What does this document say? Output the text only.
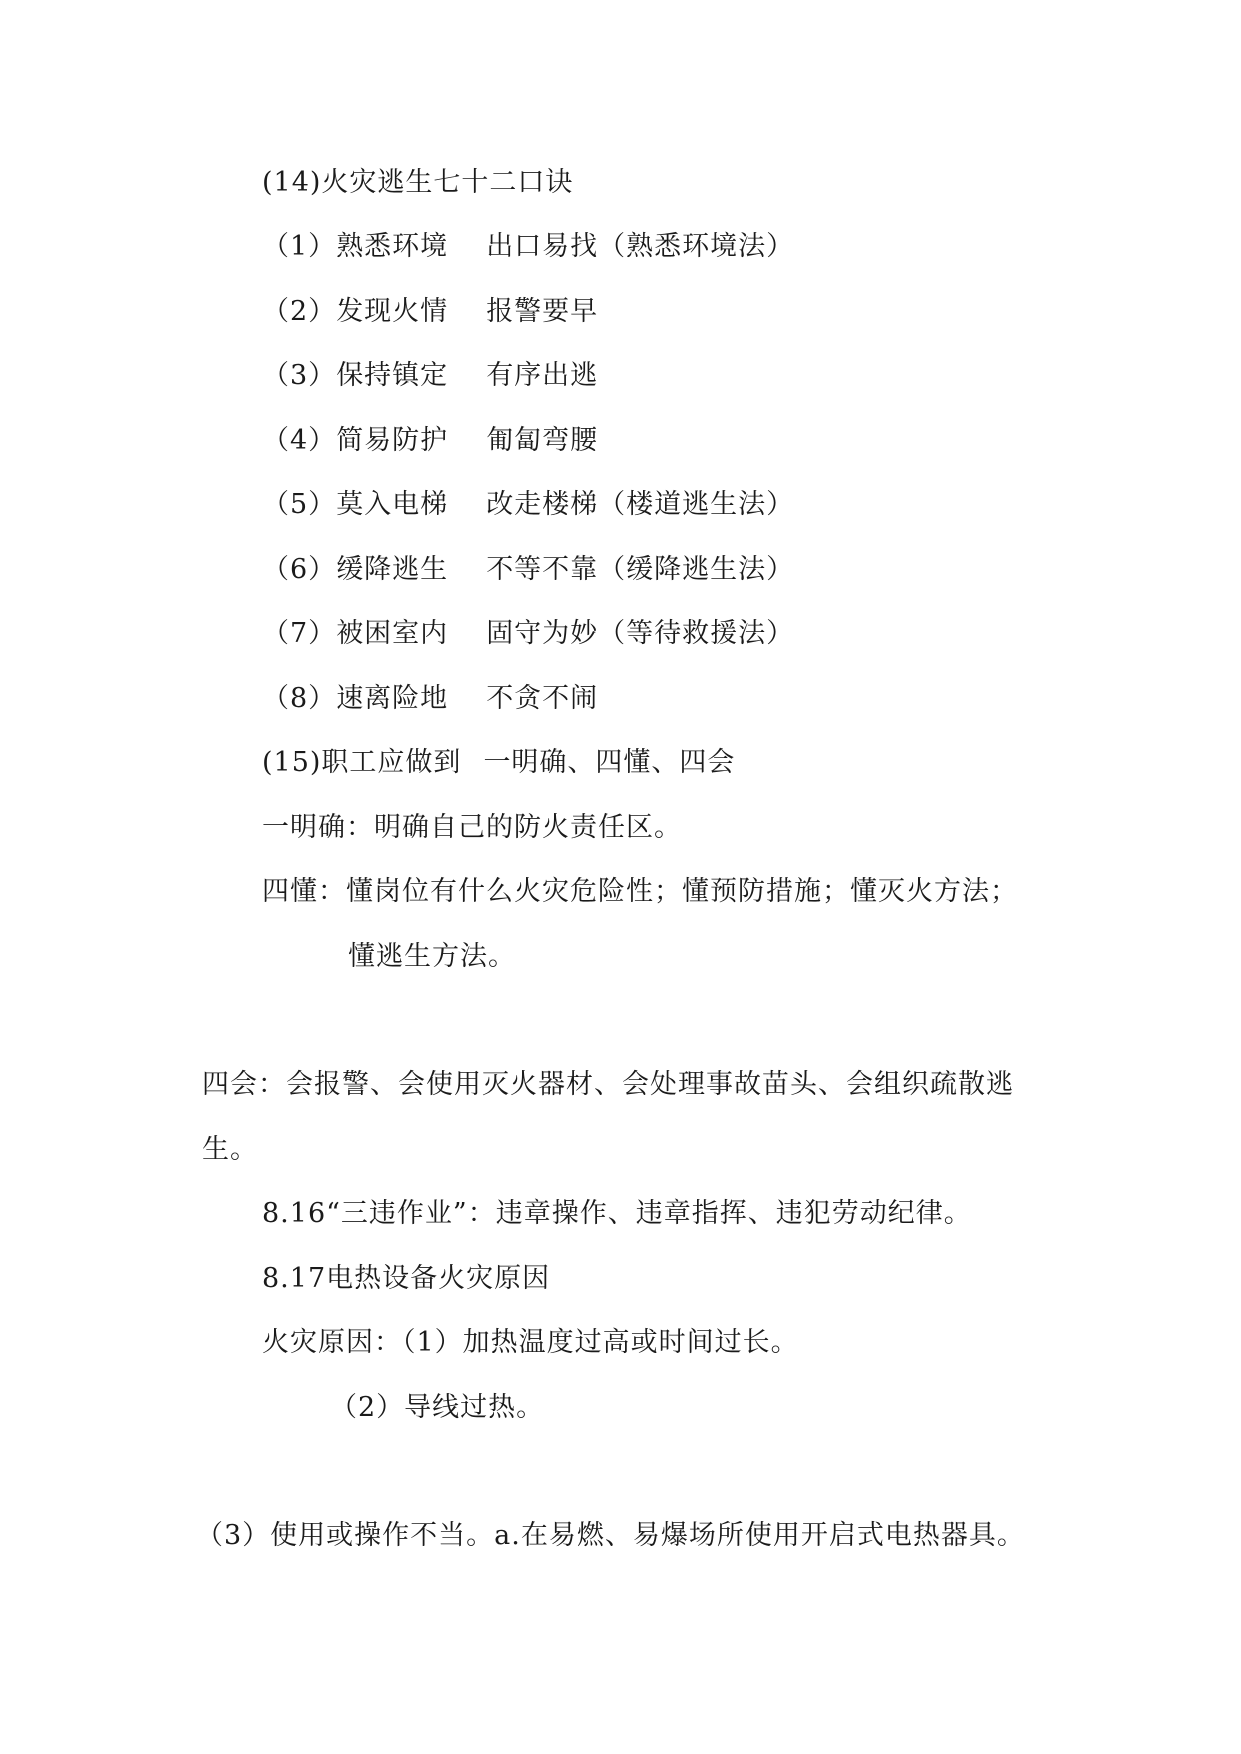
(14)火灾逃生七十二口诀
（1）熟悉环境 出口易找（熟悉环境法）
（2）发现火情 报警要早
（3）保持镇定 有序出逃
（4）简易防护 匍匐弯腰
（5）莫入电梯 改走楼梯（楼道逃生法）
（6）缓降逃生 不等不靠（缓降逃生法）
（7）被困室内 固守为妙（等待救援法）
（8）速离险地 不贪不闹
(15)职工应做到 一明确、四懂、四会
一明确：明确自己的防火责任区。
四懂：懂岗位有什么火灾危险性；懂预防措施；懂灭火方法；
懂逃生方法。
四会：会报警、会使用灭火器材、会处理事故苗头、会组织疏散逃
生。
8.16“三违作业”：违章操作、违章指挥、违犯劳动纪律。
8.17电热设备火灾原因
火灾原因：（1）加热温度过高或时间过长。
（2）导线过热。
（3）使用或操作不当。a.在易燃、易爆场所使用开启式电热器具。
